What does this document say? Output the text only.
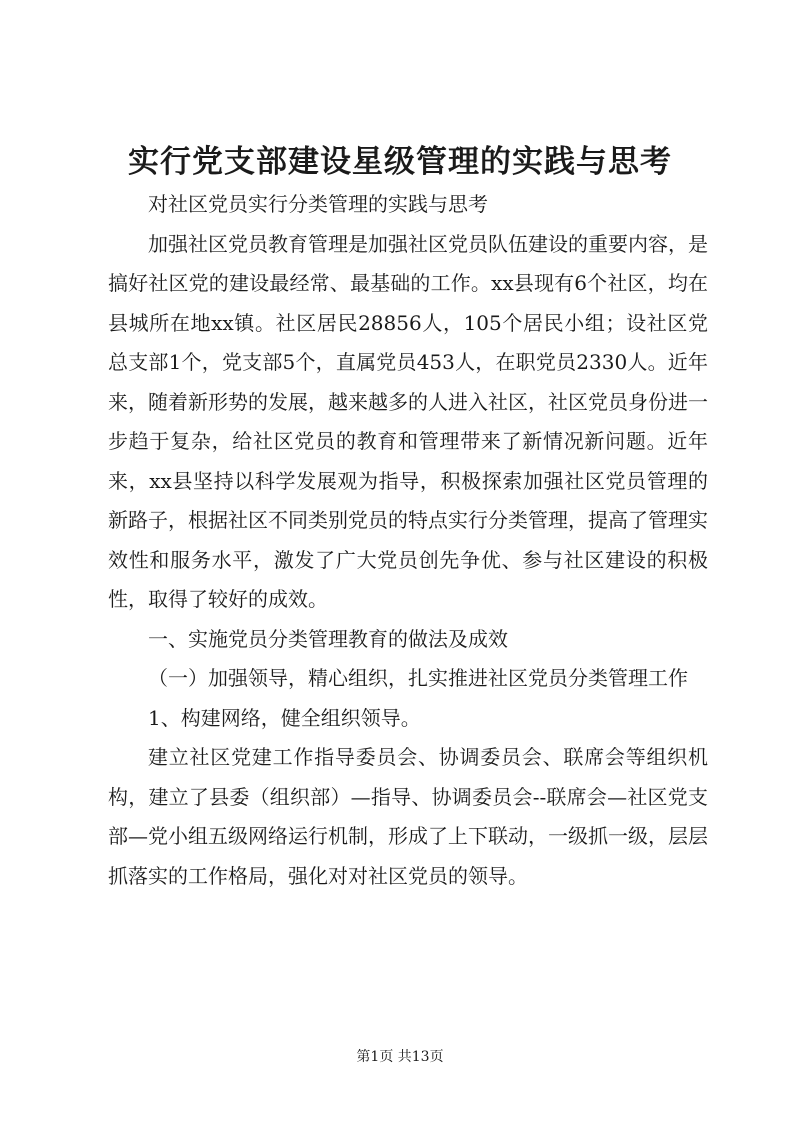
实行党支部建设星级管理的实践与思考

对社区党员实行分类管理的实践与思考

加强社区党员教育管理是加强社区党员队伍建设的重要内容，是搞好社区党的建设最经常、最基础的工作。xx县现有6个社区，均在县城所在地xx镇。社区居民28856人，105个居民小组；设社区党总支部1个，党支部5个，直属党员453人，在职党员2330人。近年来，随着新形势的发展，越来越多的人进入社区，社区党员身份进一步趋于复杂，给社区党员的教育和管理带来了新情况新问题。近年来，xx县坚持以科学发展观为指导，积极探索加强社区党员管理的新路子，根据社区不同类别党员的特点实行分类管理，提高了管理实效性和服务水平，激发了广大党员创先争优、参与社区建设的积极性，取得了较好的成效。

一、实施党员分类管理教育的做法及成效

（一）加强领导，精心组织，扎实推进社区党员分类管理工作

1、构建网络，健全组织领导。

建立社区党建工作指导委员会、协调委员会、联席会等组织机构，建立了县委（组织部）—指导、协调委员会--联席会—社区党支部—党小组五级网络运行机制，形成了上下联动，一级抓一级，层层抓落实的工作格局，强化对对社区党员的领导。

第1页 共13页
